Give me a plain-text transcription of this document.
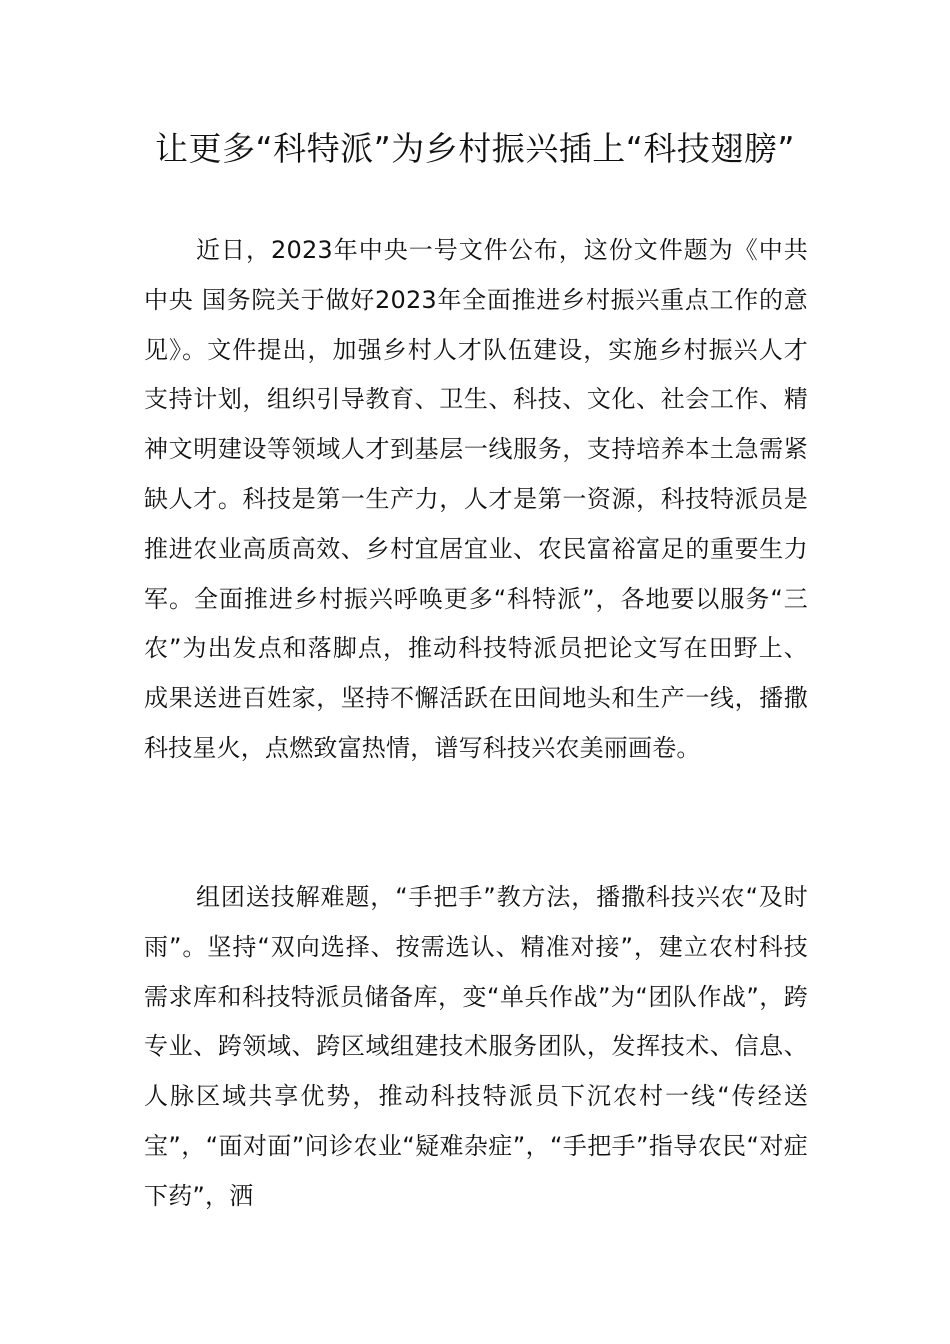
让更多“科特派”为乡村振兴插上“科技翅膀”

近日，2023年中央一号文件公布，这份文件题为《中共中央 国务院关于做好2023年全面推进乡村振兴重点工作的意见》。文件提出，加强乡村人才队伍建设，实施乡村振兴人才支持计划，组织引导教育、卫生、科技、文化、社会工作、精神文明建设等领域人才到基层一线服务，支持培养本土急需紧缺人才。科技是第一生产力，人才是第一资源，科技特派员是推进农业高质高效、乡村宜居宜业、农民富裕富足的重要生力军。全面推进乡村振兴呼唤更多“科特派”，各地要以服务“三农”为出发点和落脚点，推动科技特派员把论文写在田野上、成果送进百姓家，坚持不懈活跃在田间地头和生产一线，播撒科技星火，点燃致富热情，谱写科技兴农美丽画卷。

组团送技解难题，“手把手”教方法，播撒科技兴农“及时雨”。坚持“双向选择、按需选认、精准对接”，建立农村科技需求库和科技特派员储备库，变“单兵作战”为“团队作战”，跨专业、跨领域、跨区域组建技术服务团队，发挥技术、信息、人脉区域共享优势，推动科技特派员下沉农村一线“传经送宝”，“面对面”问诊农业“疑难杂症”，“手把手”指导农民“对症下药”，洒
